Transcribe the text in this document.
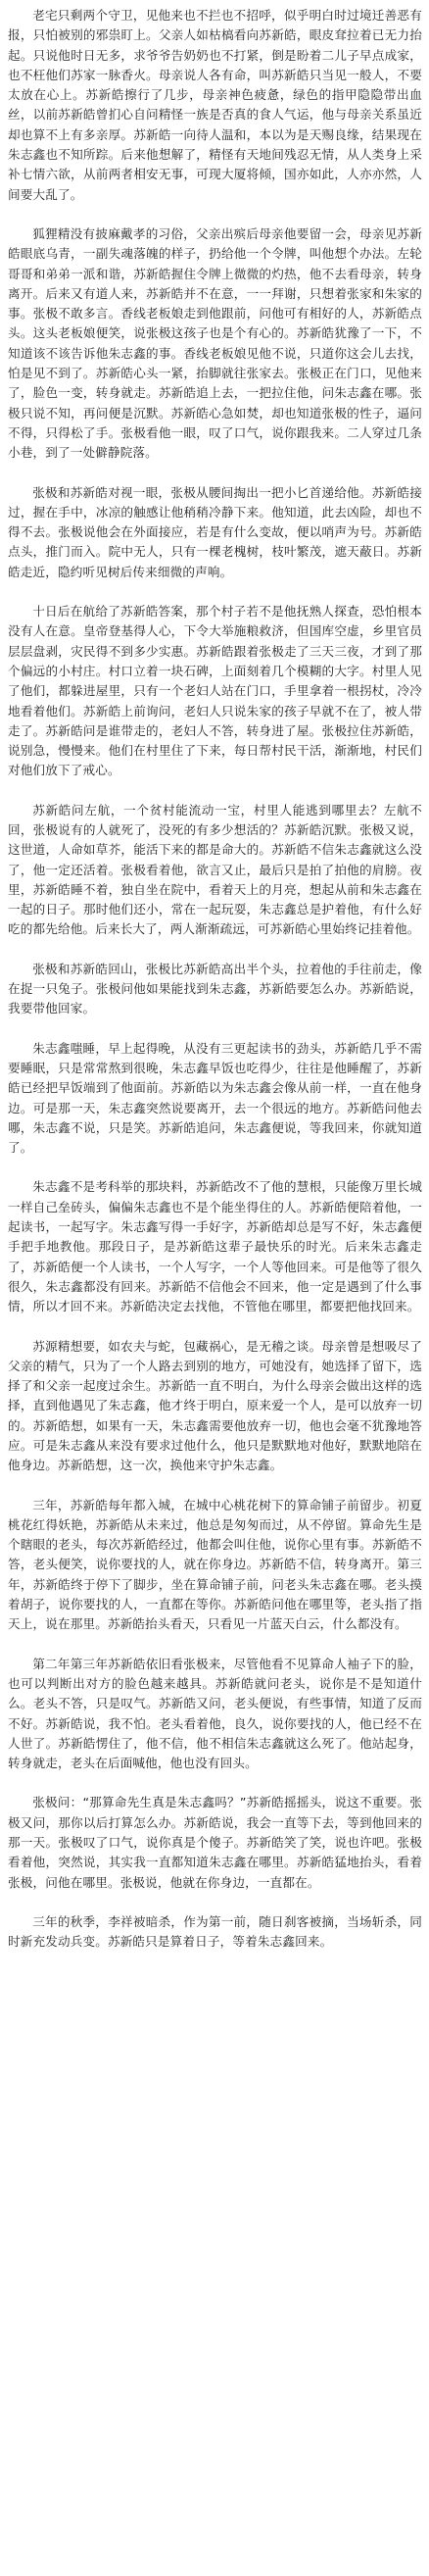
老宅只剩两个守卫，见他来也不拦也不招呼，似乎明白时过境迁善恶有报，只怕被别的邪祟盯上。父亲人如枯槁看向苏新皓，眼皮耷拉着已无力抬起。只说他时日无多，求爷爷告奶奶也不打紧，倒是盼着二儿子早点成家，也不枉他们苏家一脉香火。母亲说人各有命，叫苏新皓只当见一般人，不要太放在心上。苏新皓擦行了几步，母亲神色疲惫，绿色的指甲隐隐带出血丝，以前苏新皓曾扪心自问精怪一族是否真的食人气运，他与母亲关系虽近却也算不上有多亲厚。苏新皓一向待人温和，本以为是天赐良缘，结果现在朱志鑫也不知所踪。后来他想解了，精怪有天地间残忍无情，从人类身上采补七情六欲，从前两者相安无事，可现大厦将倾，国亦如此，人亦亦然，人间要大乱了。

狐狸精没有披麻戴孝的习俗，父亲出殡后母亲他要留一会，母亲见苏新皓眼底乌青，一副失魂落魄的样子，扔给他一个令牌，叫他想个办法。左轮哥哥和弟弟一派和谐，苏新皓握住令牌上微微的灼热，他不去看母亲，转身离开。后来又有道人来，苏新皓并不在意，一一拜谢，只想着张家和朱家的事。张极不敢多言。香线老板娘走到他跟前，问他可有相好的人，苏新皓点头。这头老板娘便笑，说张极这孩子也是个有心的。苏新皓犹豫了一下，不知道该不该告诉他朱志鑫的事。香线老板娘见他不说，只道你这会儿去找，怕是见不到了。苏新皓心头一紧，抬脚就往张家去。张极正在门口，见他来了，脸色一变，转身就走。苏新皓追上去，一把拉住他，问朱志鑫在哪。张极只说不知，再问便是沉默。苏新皓心急如焚，却也知道张极的性子，逼问不得，只得松了手。张极看他一眼，叹了口气，说你跟我来。二人穿过几条小巷，到了一处僻静院落。

张极和苏新皓对视一眼，张极从腰间掏出一把小匕首递给他。苏新皓接过，握在手中，冰凉的触感让他稍稍冷静下来。他知道，此去凶险，却也不得不去。张极说他会在外面接应，若是有什么变故，便以哨声为号。苏新皓点头，推门而入。院中无人，只有一棵老槐树，枝叶繁茂，遮天蔽日。苏新皓走近，隐约听见树后传来细微的声响。

十日后在航给了苏新皓答案，那个村子若不是他抚熟人探查，恐怕根本没有人在意。皇帝登基得人心，下令大举施粮救济，但国库空虚，乡里官员层层盘剥，灾民得不到多少实惠。苏新皓跟着张极走了三天三夜，才到了那个偏远的小村庄。村口立着一块石碑，上面刻着几个模糊的大字。村里人见了他们，都躲进屋里，只有一个老妇人站在门口，手里拿着一根拐杖，冷冷地看着他们。苏新皓上前询问，老妇人只说朱家的孩子早就不在了，被人带走了。苏新皓问是谁带走的，老妇人不答，转身进了屋。张极拉住苏新皓，说别急，慢慢来。他们在村里住了下来，每日帮村民干活，渐渐地，村民们对他们放下了戒心。

苏新皓问左航，一个贫村能流动一宝，村里人能逃到哪里去？左航不回，张极说有的人就死了，没死的有多少想活的？苏新皓沉默。张极又说，这世道，人命如草芥，能活下来的都是命大的。苏新皓不信朱志鑫就这么没了，他一定还活着。张极看着他，欲言又止，最后只是拍了拍他的肩膀。夜里，苏新皓睡不着，独自坐在院中，看着天上的月亮，想起从前和朱志鑫在一起的日子。那时他们还小，常在一起玩耍，朱志鑫总是护着他，有什么好吃的都先给他。后来长大了，两人渐渐疏远，可苏新皓心里始终记挂着他。

张极和苏新皓回山，张极比苏新皓高出半个头，拉着他的手往前走，像在捉一只兔子。张极问他如果能找到朱志鑫，苏新皓要怎么办。苏新皓说，我要带他回家。

朱志鑫嗤睡，早上起得晚，从没有三更起读书的劲头，苏新皓几乎不需要睡眠，只是常常熬到很晚，朱志鑫早饭也吃得少，往往是他睡醒了，苏新皓已经把早饭端到了他面前。苏新皓以为朱志鑫会像从前一样，一直在他身边。可是那一天，朱志鑫突然说要离开，去一个很远的地方。苏新皓问他去哪，朱志鑫不说，只是笑。苏新皓追问，朱志鑫便说，等我回来，你就知道了。

朱志鑫不是考科举的那块料，苏新皓改不了他的慧根，只能像万里长城一样自己垒砖头，偏偏朱志鑫也不是个能坐得住的人。苏新皓便陪着他，一起读书，一起写字。朱志鑫写得一手好字，苏新皓却总是写不好，朱志鑫便手把手地教他。那段日子，是苏新皓这辈子最快乐的时光。后来朱志鑫走了，苏新皓便一个人读书，一个人写字，一个人等他回来。可是他等了很久很久，朱志鑫都没有回来。苏新皓不信他会不回来，他一定是遇到了什么事情，所以才回不来。苏新皓决定去找他，不管他在哪里，都要把他找回来。

苏源精想要，如农夫与蛇，包藏祸心，是无稽之谈。母亲曾是想吸尽了父亲的精气，只为了一个人路去到别的地方，可她没有，她选择了留下，选择了和父亲一起度过余生。苏新皓一直不明白，为什么母亲会做出这样的选择，直到他遇见了朱志鑫，他才终于明白，原来爱一个人，是可以放弃一切的。苏新皓想，如果有一天，朱志鑫需要他放弃一切，他也会毫不犹豫地答应。可是朱志鑫从来没有要求过他什么，他只是默默地对他好，默默地陪在他身边。苏新皓想，这一次，换他来守护朱志鑫。

三年，苏新皓每年都入城，在城中心桃花树下的算命铺子前留步。初夏桃花红得妖艳，苏新皓从未来过，他总是匆匆而过，从不停留。算命先生是个瞎眼的老头，每次苏新皓经过，他都会叫住他，说你心里有事。苏新皓不答，老头便笑，说你要找的人，就在你身边。苏新皓不信，转身离开。第三年，苏新皓终于停下了脚步，坐在算命铺子前，问老头朱志鑫在哪。老头摸着胡子，说你要找的人，一直都在等你。苏新皓问他在哪里等，老头指了指天上，说在那里。苏新皓抬头看天，只看见一片蓝天白云，什么都没有。

第二年第三年苏新皓依旧看张极来，尽管他看不见算命人袖子下的脸，也可以判断出对方的脸色越来越具。苏新皓就问老头，说你是不是知道什么。老头不答，只是叹气。苏新皓又问，老头便说，有些事情，知道了反而不好。苏新皓说，我不怕。老头看着他，良久，说你要找的人，他已经不在人世了。苏新皓愣住了，他不信，他不相信朱志鑫就这么死了。他站起身，转身就走，老头在后面喊他，他也没有回头。

张极问：“那算命先生真是朱志鑫吗？”苏新皓摇摇头，说这不重要。张极又问，那你以后打算怎么办。苏新皓说，我会一直等下去，等到他回来的那一天。张极叹了口气，说你真是个傻子。苏新皓笑了笑，说也许吧。张极看着他，突然说，其实我一直都知道朱志鑫在哪里。苏新皓猛地抬头，看着张极，问他在哪里。张极说，他就在你身边，一直都在。

三年的秋季，李祥被暗杀，作为第一前，随日刹客被摘，当场斩杀，同时新充发动兵变。苏新皓只是算着日子，等着朱志鑫回来。
